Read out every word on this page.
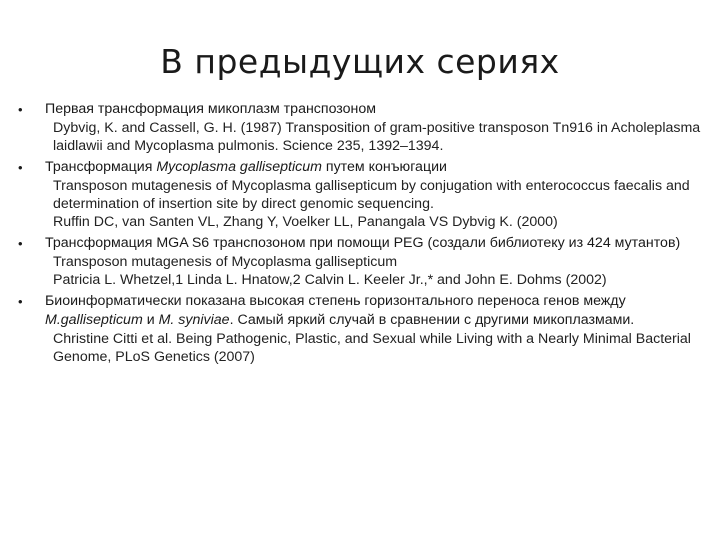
В предыдущих сериях
• Первая трансформация микоплазм транспозоном
Dybvig, K. and Cassell, G. H. (1987) Transposition of gram-positive transposon Tn916 in Acholeplasma laidlawii and Mycoplasma pulmonis. Science 235, 1392–1394.
• Трансформация Mycoplasma gallisepticum путем конъюгации
Transposon mutagenesis of Mycoplasma gallisepticum by conjugation with enterococcus faecalis and determination of insertion site by direct genomic sequencing.
Ruffin DC, van Santen VL, Zhang Y, Voelker LL, Panangala VS Dybvig K. (2000)
• Трансформация MGA S6 транспозоном при помощи PEG (создали библиотеку из 424 мутантов)
Transposon mutagenesis of Mycoplasma gallisepticum
Patricia L. Whetzel,1 Linda L. Hnatow,2 Calvin L. Keeler Jr.,* and John E. Dohms (2002)
• Биоинформатически показана высокая степень горизонтального переноса генов между M.gallisepticum и M. syniviae. Самый яркий случай в сравнении с другими микоплазмами.
Christine Citti et al. Being Pathogenic, Plastic, and Sexual while Living with a Nearly Minimal Bacterial Genome, PLoS Genetics (2007)
